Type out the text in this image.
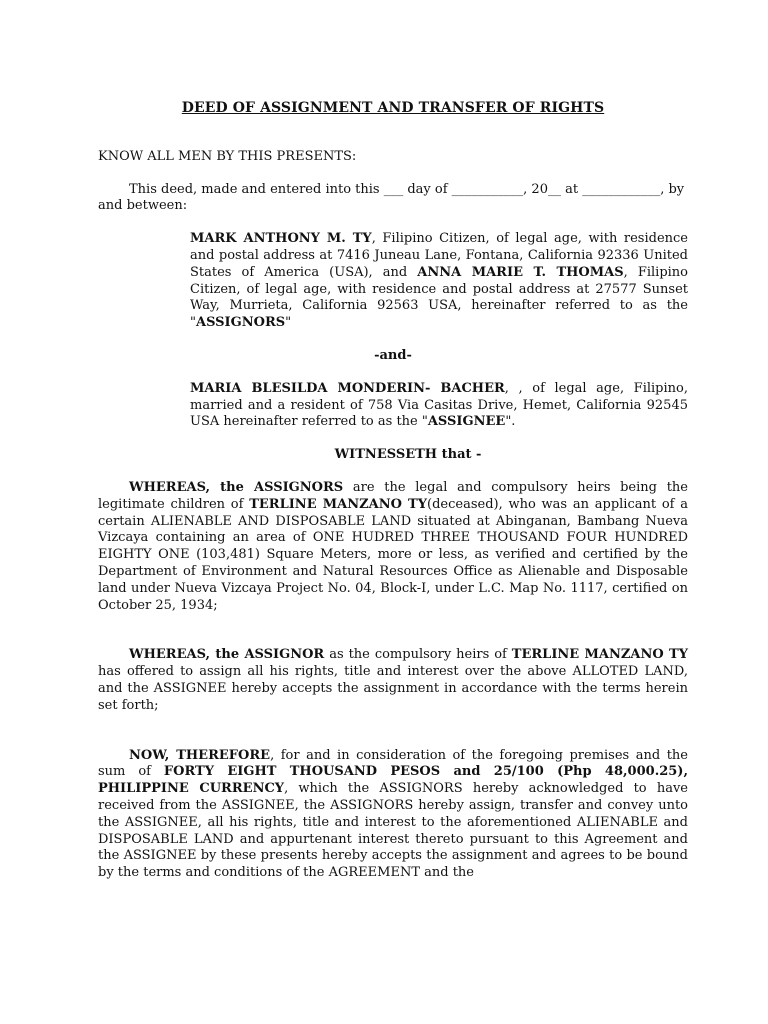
DEED OF ASSIGNMENT AND TRANSFER OF RIGHTS
KNOW ALL MEN BY THIS PRESENTS:
This deed, made and entered into this ___ day of ___________, 20__ at ____________, by and between:
MARK ANTHONY M. TY, Filipino Citizen, of legal age, with residence and postal address at 7416 Juneau Lane, Fontana, California 92336 United States of America (USA), and ANNA MARIE T. THOMAS, Filipino Citizen, of legal age, with residence and postal address at 27577 Sunset Way, Murrieta, California 92563 USA, hereinafter referred to as the "ASSIGNORS"
-and-
MARIA BLESILDA MONDERIN- BACHER, , of legal age, Filipino, married and a resident of 758 Via Casitas Drive, Hemet, California 92545 USA hereinafter referred to as the "ASSIGNEE".
WITNESSETH that -
WHEREAS, the ASSIGNORS are the legal and compulsory heirs being the legitimate children of TERLINE MANZANO TY(deceased), who was an applicant of a certain ALIENABLE AND DISPOSABLE LAND situated at Abinganan, Bambang Nueva Vizcaya containing an area of ONE HUDRED THREE THOUSAND FOUR HUNDRED EIGHTY ONE (103,481) Square Meters, more or less, as verified and certified by the Department of Environment and Natural Resources Office as Alienable and Disposable land under Nueva Vizcaya Project No. 04, Block-I, under L.C. Map No. 1117, certified on October 25, 1934;
WHEREAS, the ASSIGNOR as the compulsory heirs of TERLINE MANZANO TY has offered to assign all his rights, title and interest over the above ALLOTED LAND, and the ASSIGNEE hereby accepts the assignment in accordance with the terms herein set forth;
NOW, THEREFORE, for and in consideration of the foregoing premises and the sum of FORTY EIGHT THOUSAND PESOS and 25/100 (Php 48,000.25), PHILIPPINE CURRENCY, which the ASSIGNORS hereby acknowledged to have received from the ASSIGNEE, the ASSIGNORS hereby assign, transfer and convey unto the ASSIGNEE, all his rights, title and interest to the aforementioned ALIENABLE and DISPOSABLE LAND and appurtenant interest thereto pursuant to this Agreement and the ASSIGNEE by these presents hereby accepts the assignment and agrees to be bound by the terms and conditions of the AGREEMENT and the
